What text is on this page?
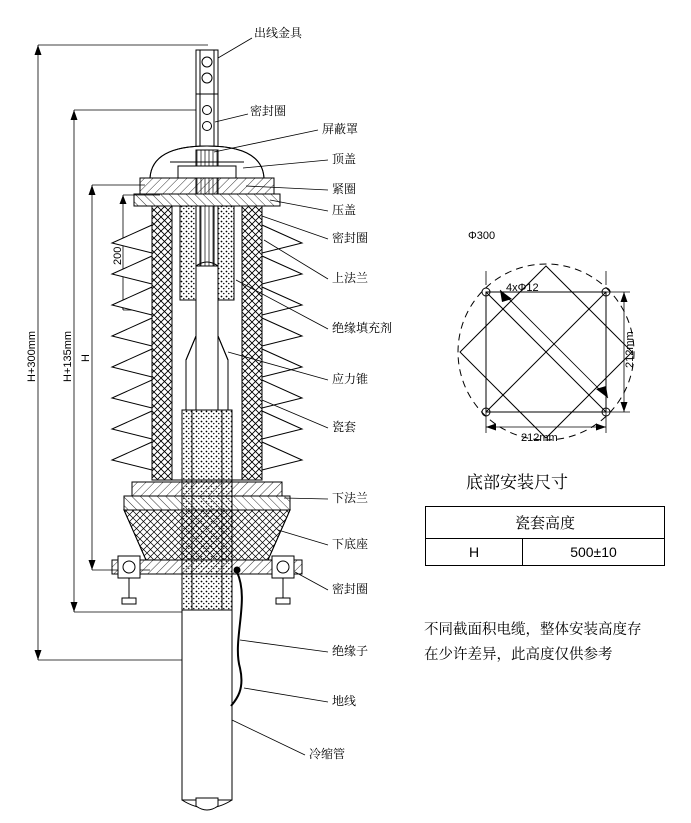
出线金具
密封圈
屏蔽罩
顶盖
紧圈
压盖
密封圈
上法兰
绝缘填充剂
应力锥
瓷套
下法兰
下底座
密封圈
绝缘子
地线
冷缩管
H+300mm H+135mm H
200
Φ300
4xΦ12
212mm
212mm
底部安装尺寸
瓷套高度
H	500±10
不同截面积电缆，整体安装高度存
在少许差异，此高度仅供参考
